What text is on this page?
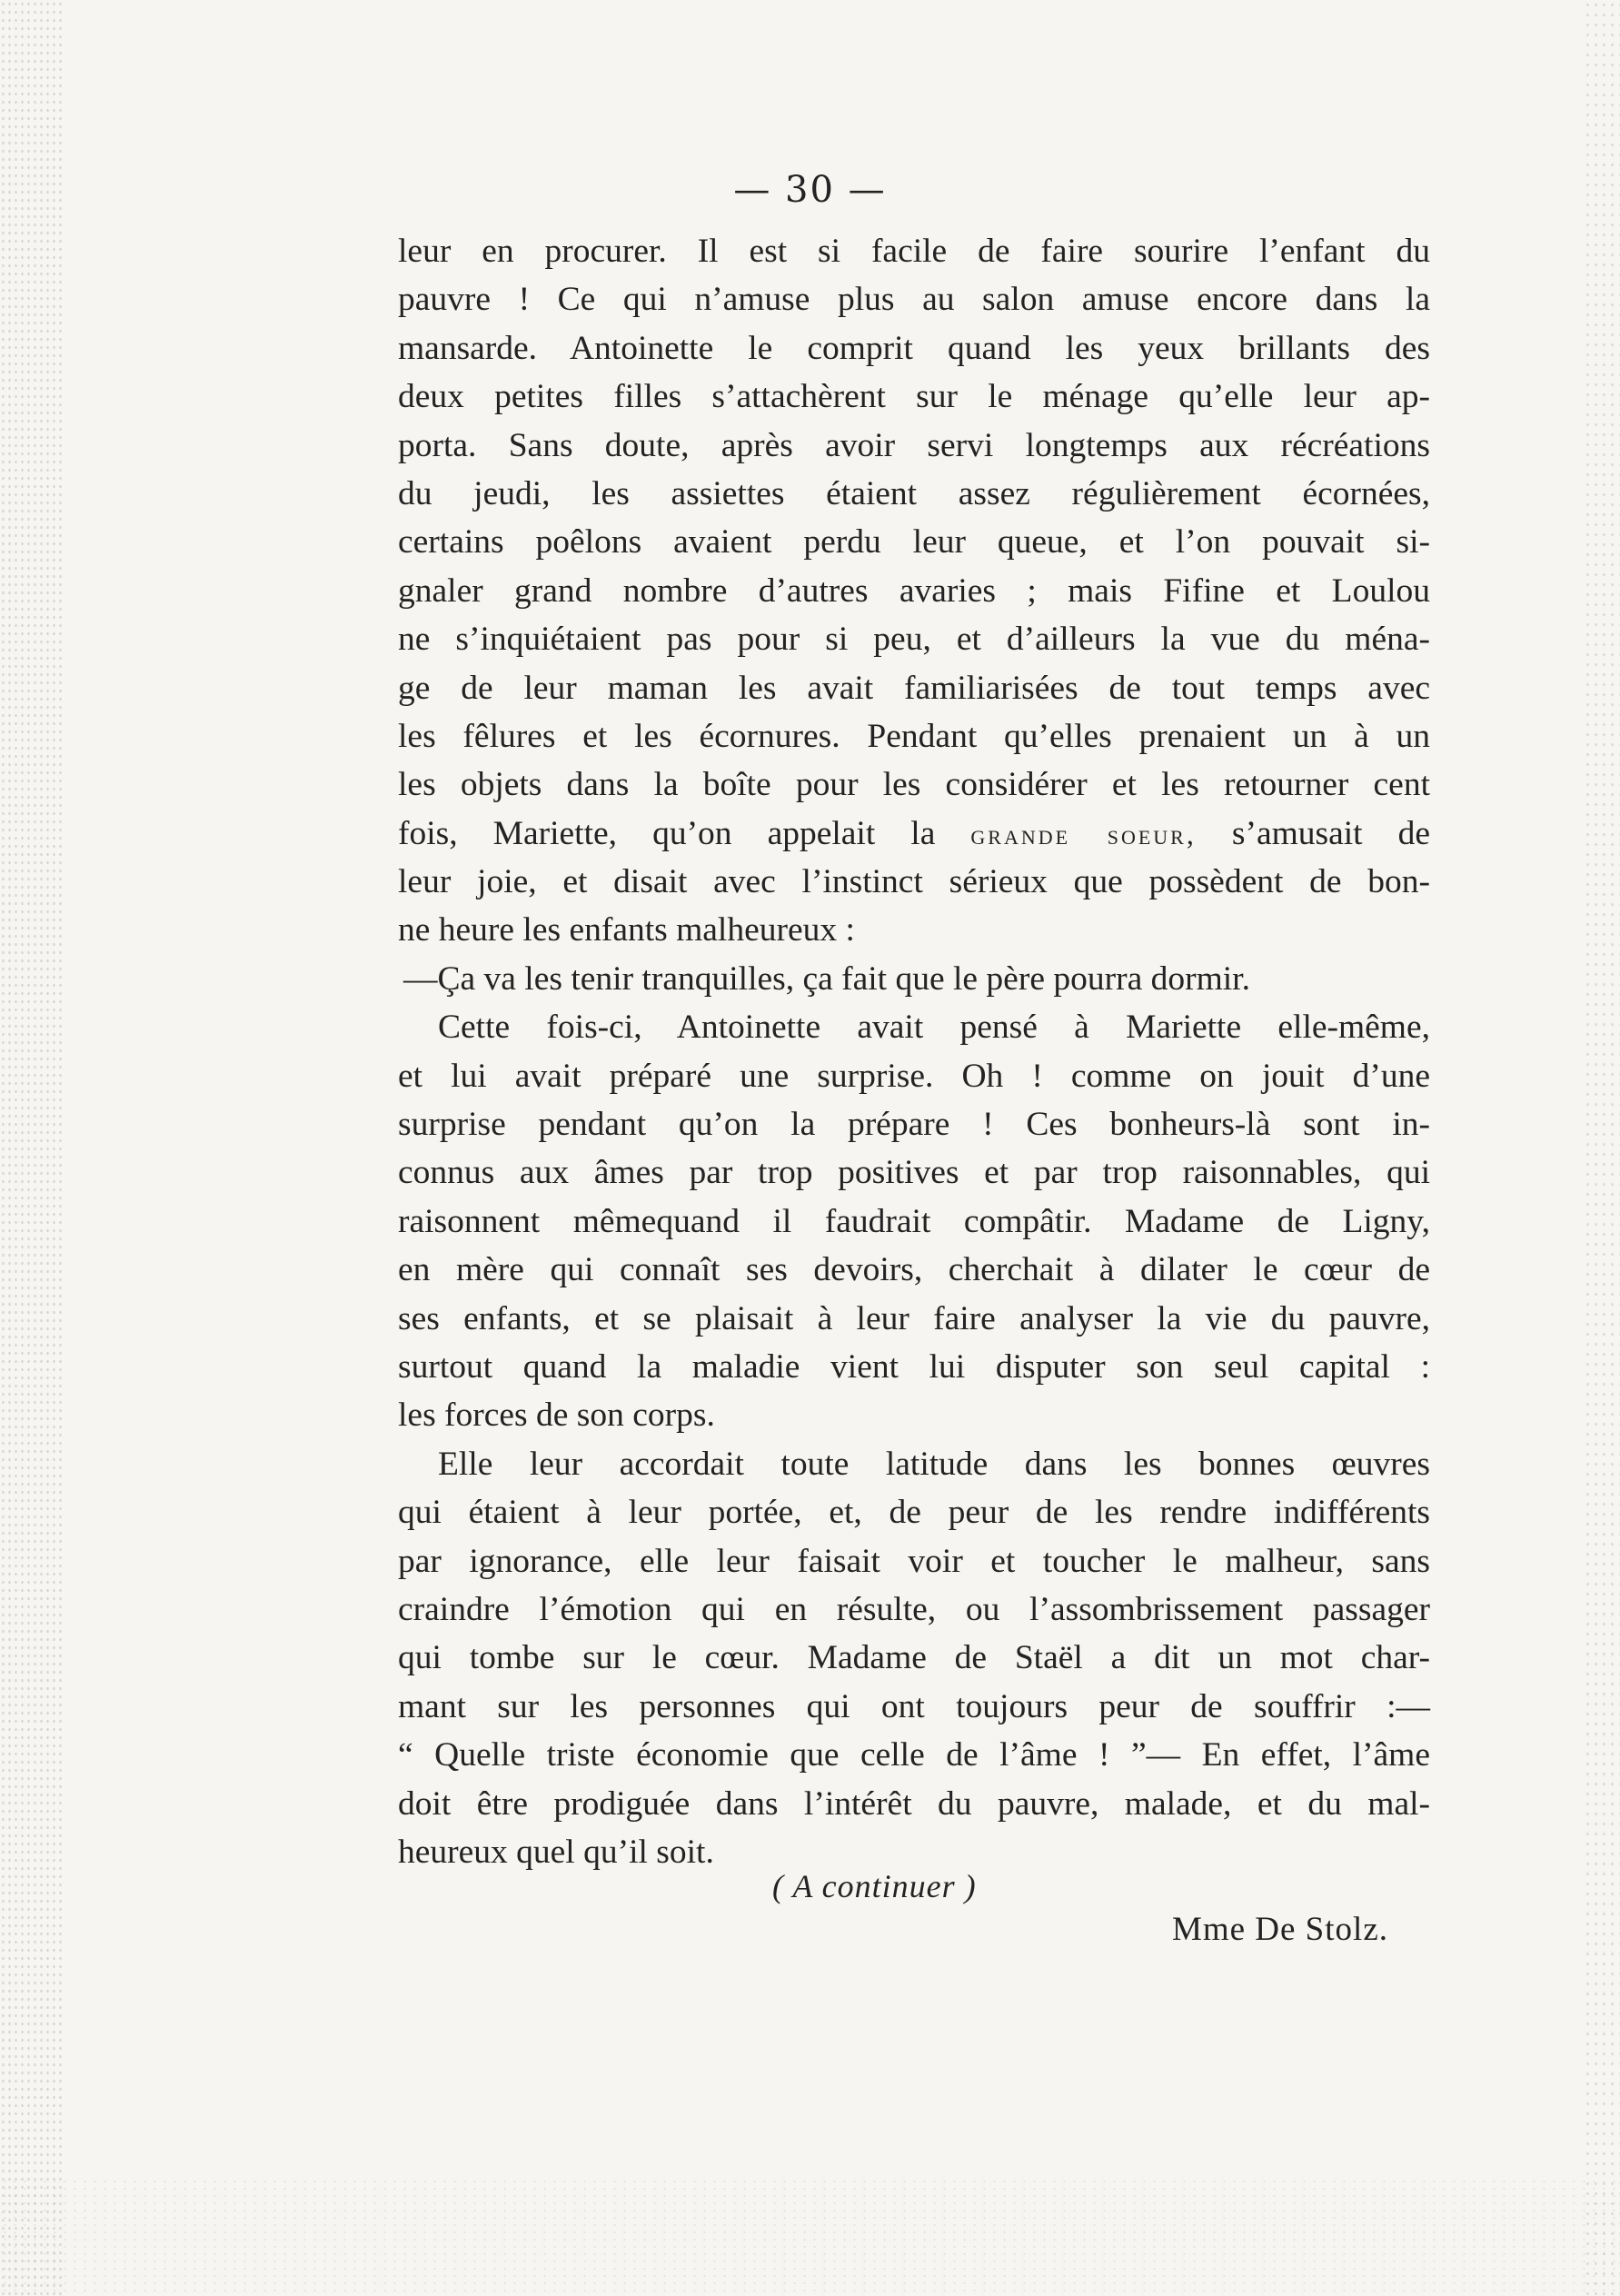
— 30 —
leur en procurer. Il est si facile de faire sourire l’enfant du
pauvre ! Ce qui n’amuse plus au salon amuse encore dans la
mansarde. Antoinette le comprit quand les yeux brillants des
deux petites filles s’attachèrent sur le ménage qu’elle leur ap-
porta. Sans doute, après avoir servi longtemps aux récréations
du jeudi, les assiettes étaient assez régulièrement écornées,
certains poêlons avaient perdu leur queue, et l’on pouvait si-
gnaler grand nombre d’autres avaries ; mais Fifine et Loulou
ne s’inquiétaient pas pour si peu, et d’ailleurs la vue du ména-
ge de leur maman les avait familiarisées de tout temps avec
les fêlures et les écornures. Pendant qu’elles prenaient un à un
les objets dans la boîte pour les considérer et les retourner cent
fois, Mariette, qu’on appelait la grande soeur, s’amusait de
leur joie, et disait avec l’instinct sérieux que possèdent de bon-
ne heure les enfants malheureux :
—Ça va les tenir tranquilles, ça fait que le père pourra dormir.
Cette fois-ci, Antoinette avait pensé à Mariette elle-même,
et lui avait préparé une surprise. Oh ! comme on jouit d’une
surprise pendant qu’on la prépare ! Ces bonheurs-là sont in-
connus aux âmes par trop positives et par trop raisonnables, qui
raisonnent mêmequand il faudrait compâtir. Madame de Ligny,
en mère qui connaît ses devoirs, cherchait à dilater le cœur de
ses enfants, et se plaisait à leur faire analyser la vie du pauvre,
surtout quand la maladie vient lui disputer son seul capital :
les forces de son corps.
Elle leur accordait toute latitude dans les bonnes œuvres
qui étaient à leur portée, et, de peur de les rendre indifférents
par ignorance, elle leur faisait voir et toucher le malheur, sans
craindre l’émotion qui en résulte, ou l’assombrissement passager
qui tombe sur le cœur. Madame de Staël a dit un mot char-
mant sur les personnes qui ont toujours peur de souffrir :—
“ Quelle triste économie que celle de l’âme ! ”— En effet, l’âme
doit être prodiguée dans l’intérêt du pauvre, malade, et du mal-
heureux quel qu’il soit.
( A continuer )
Mme De Stolz.
